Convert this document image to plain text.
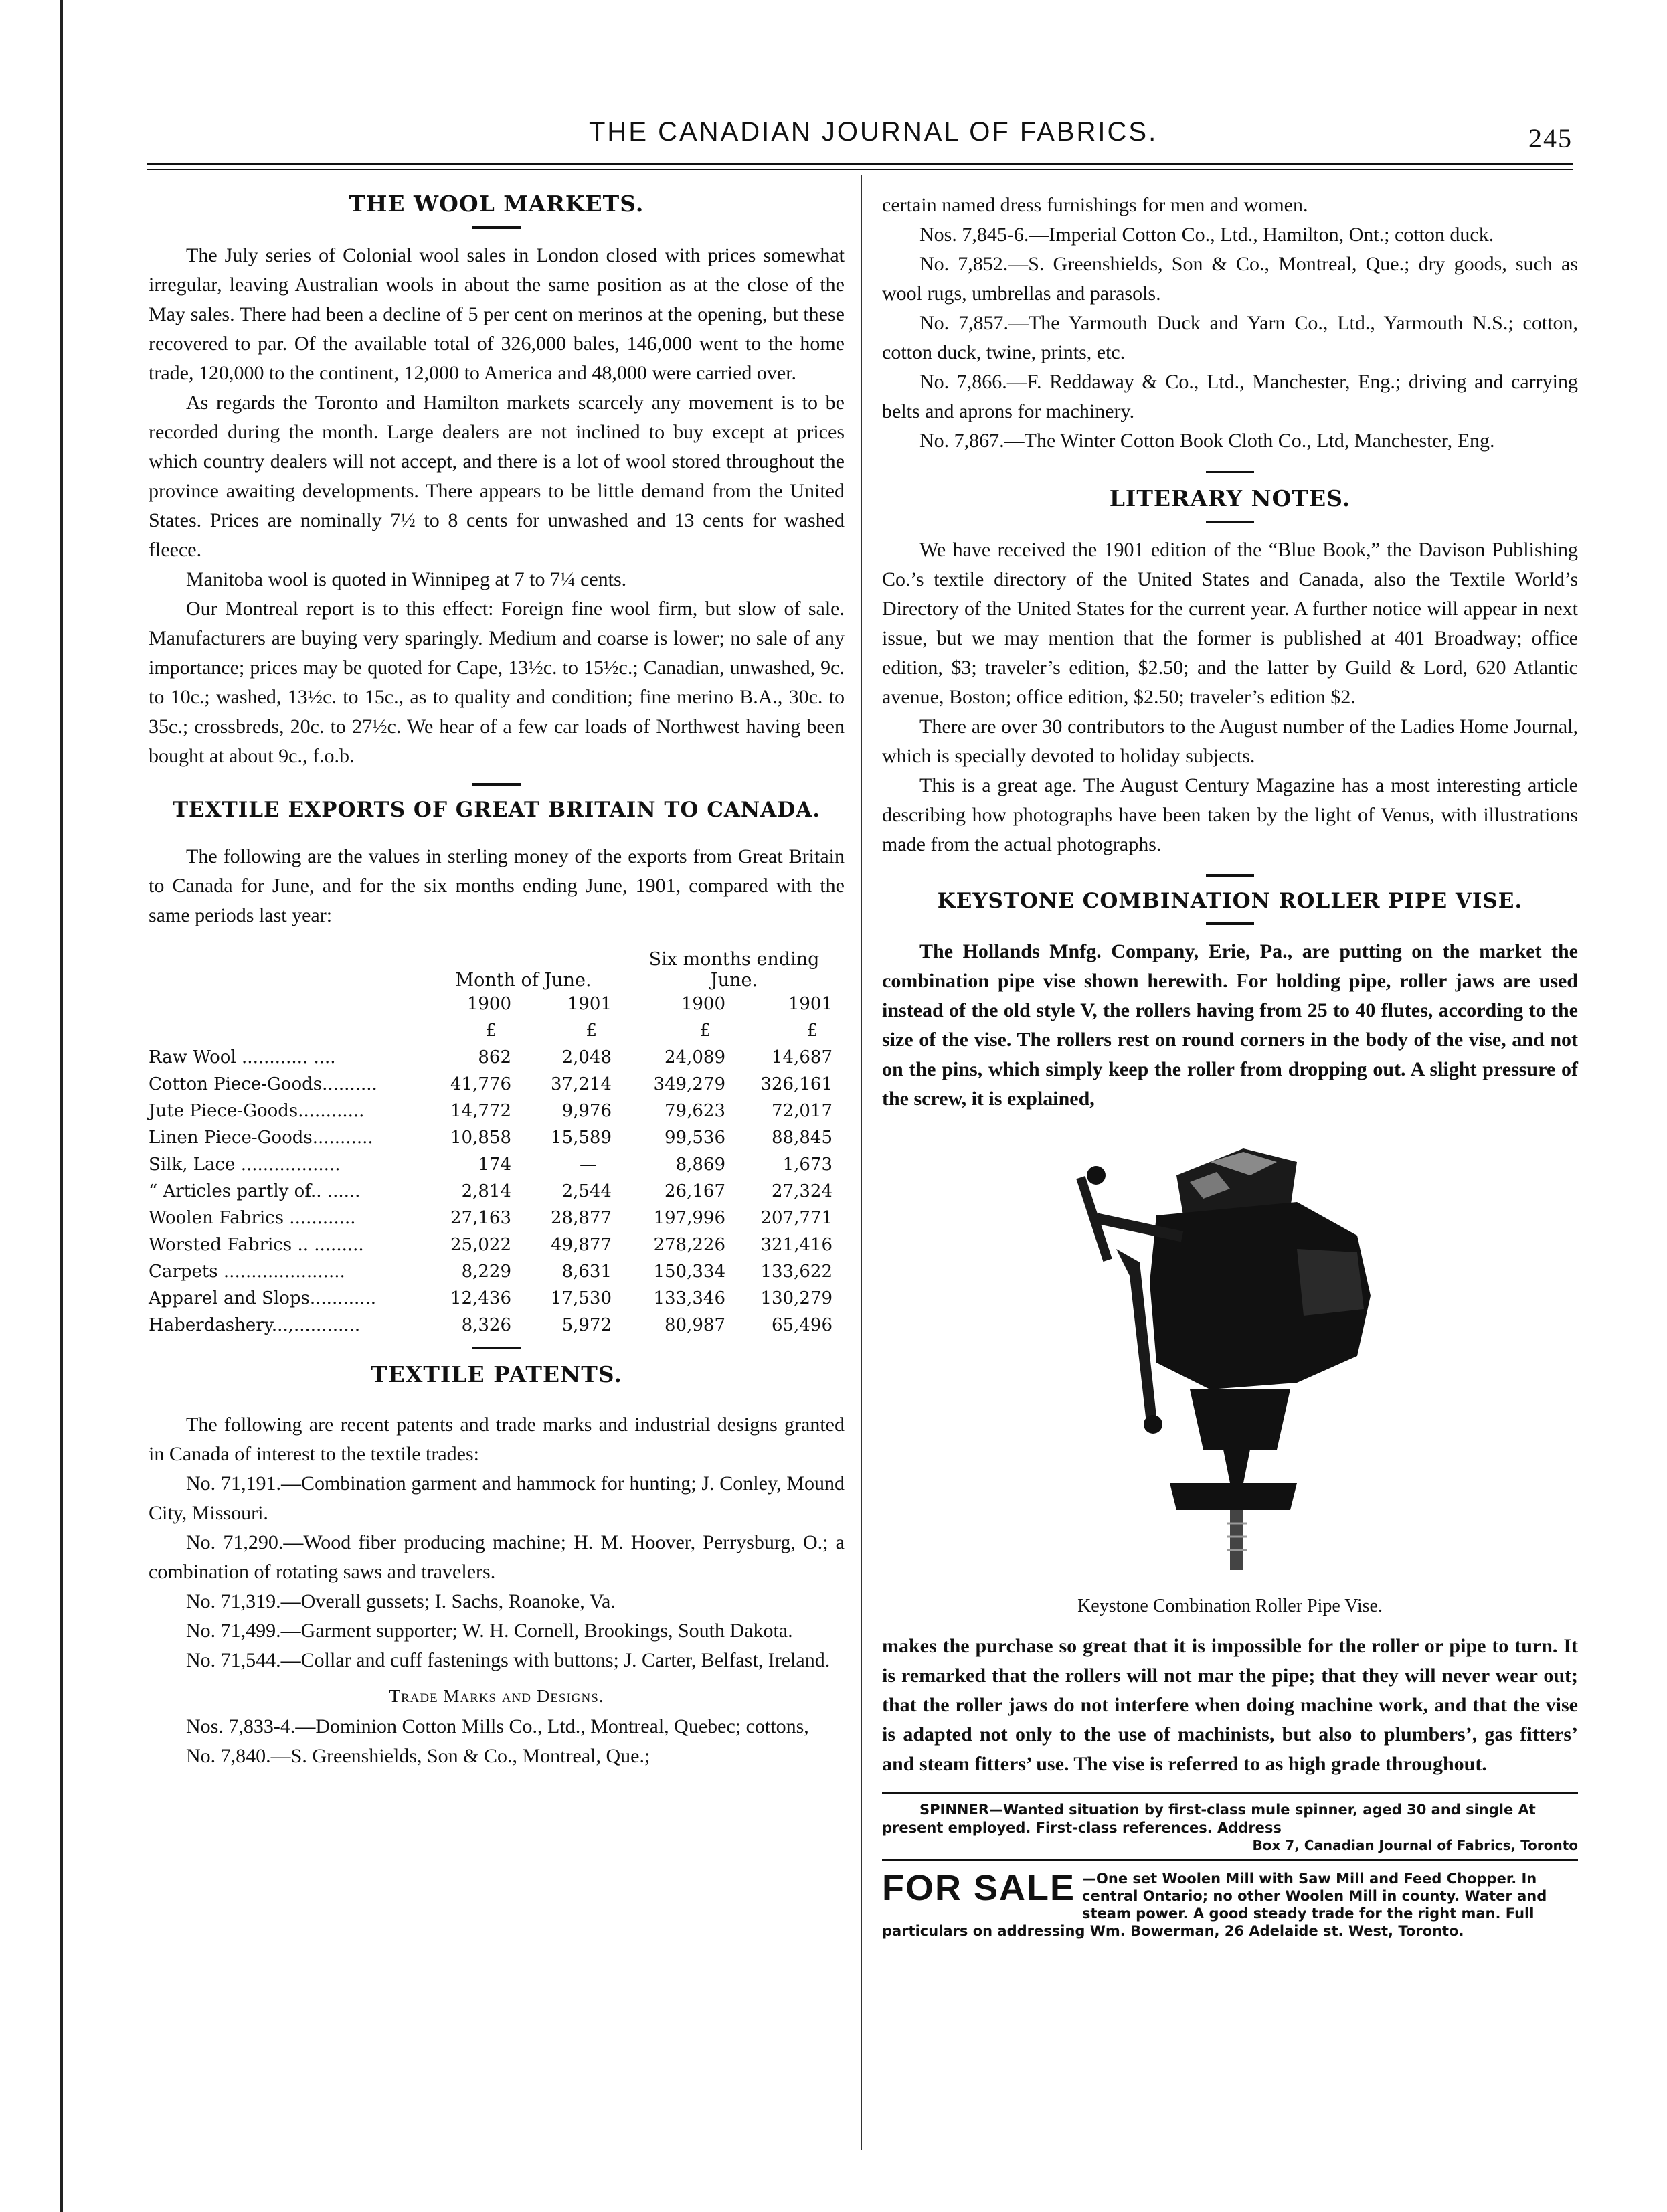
THE CANADIAN JOURNAL OF FABRICS.	245
THE WOOL MARKETS.

The July series of Colonial wool sales in London closed with prices somewhat irregular, leaving Australian wools in about the same position as at the close of the May sales. There had been a decline of 5 per cent on merinos at the opening, but these recovered to par. Of the available total of 326,000 bales, 146,000 went to the home trade, 120,000 to the continent, 12,000 to America and 48,000 were carried over.

As regards the Toronto and Hamilton markets scarcely any movement is to be recorded during the month. Large dealers are not inclined to buy except at prices which country dealers will not accept, and there is a lot of wool stored throughout the province awaiting developments. There appears to be little demand from the United States. Prices are nominally 7½ to 8 cents for unwashed and 13 cents for washed fleece.

Manitoba wool is quoted in Winnipeg at 7 to 7¼ cents.

Our Montreal report is to this effect: Foreign fine wool firm, but slow of sale. Manufacturers are buying very sparingly. Medium and coarse is lower; no sale of any importance; prices may be quoted for Cape, 13½c. to 15½c.; Canadian, unwashed, 9c. to 10c.; washed, 13½c. to 15c., as to quality and condition; fine merino B.A., 30c. to 35c.; crossbreds, 20c. to 27½c. We hear of a few car loads of Northwest having been bought at about 9c., f.o.b.

TEXTILE EXPORTS OF GREAT BRITAIN TO CANADA.

The following are the values in sterling money of the exports from Great Britain to Canada for June, and for the six months ending June, 1901, compared with the same periods last year:

	Month of June.		Six months ending June.	
	1900	1901	1900	1901
	£	£	£	£
Raw Wool ............ ....	862	2,048	24,089	14,687
Cotton Piece-Goods..........	41,776	37,214	349,279	326,161
Jute Piece-Goods............	14,772	9,976	79,623	72,017
Linen Piece-Goods...........	10,858	15,589	99,536	88,845
Silk, Lace ..................	174	—	8,869	1,673
“ Articles partly of.. ......	2,814	2,544	26,167	27,324
Woolen Fabrics ............	27,163	28,877	197,996	207,771
Worsted Fabrics .. .........	25,022	49,877	278,226	321,416
Carpets ......................	8,229	8,631	150,334	133,622
Apparel and Slops............	12,436	17,530	133,346	130,279
Haberdashery...,............	8,326	5,972	80,987	65,496
TEXTILE PATENTS.

The following are recent patents and trade marks and industrial designs granted in Canada of interest to the textile trades:

No. 71,191.—Combination garment and hammock for hunting; J. Conley, Mound City, Missouri.

No. 71,290.—Wood fiber producing machine; H. M. Hoover, Perrysburg, O.; a combination of rotating saws and travelers.

No. 71,319.—Overall gussets; I. Sachs, Roanoke, Va.

No. 71,499.—Garment supporter; W. H. Cornell, Brookings, South Dakota.

No. 71,544.—Collar and cuff fastenings with buttons; J. Carter, Belfast, Ireland.

Trade Marks and Designs.

Nos. 7,833-4.—Dominion Cotton Mills Co., Ltd., Montreal, Quebec; cottons,

No. 7,840.—S. Greenshields, Son & Co., Montreal, Que.;

certain named dress furnishings for men and women.

Nos. 7,845-6.—Imperial Cotton Co., Ltd., Hamilton, Ont.; cotton duck.

No. 7,852.—S. Greenshields, Son & Co., Montreal, Que.; dry goods, such as wool rugs, umbrellas and parasols.

No. 7,857.—The Yarmouth Duck and Yarn Co., Ltd., Yarmouth N.S.; cotton, cotton duck, twine, prints, etc.

No. 7,866.—F. Reddaway & Co., Ltd., Manchester, Eng.; driving and carrying belts and aprons for machinery.

No. 7,867.—The Winter Cotton Book Cloth Co., Ltd, Manchester, Eng.

LITERARY NOTES.

We have received the 1901 edition of the “Blue Book,” the Davison Publishing Co.’s textile directory of the United States and Canada, also the Textile World’s Directory of the United States for the current year. A further notice will appear in next issue, but we may mention that the former is published at 401 Broadway; office edition, $3; traveler’s edition, $2.50; and the latter by Guild & Lord, 620 Atlantic avenue, Boston; office edition, $2.50; traveler’s edition $2.

There are over 30 contributors to the August number of the Ladies Home Journal, which is specially devoted to holiday subjects.

This is a great age. The August Century Magazine has a most interesting article describing how photographs have been taken by the light of Venus, with illustrations made from the actual photographs.

KEYSTONE COMBINATION ROLLER PIPE VISE.

The Hollands Mnfg. Company, Erie, Pa., are putting on the market the combination pipe vise shown herewith. For holding pipe, roller jaws are used instead of the old style V, the rollers having from 25 to 40 flutes, according to the size of the vise. The rollers rest on round corners in the body of the vise, and not on the pins, which simply keep the roller from dropping out. A slight pressure of the screw, it is explained,

Keystone Combination Roller Pipe Vise.

makes the purchase so great that it is impossible for the roller or pipe to turn. It is remarked that the rollers will not mar the pipe; that they will never wear out; that the roller jaws do not interfere when doing machine work, and that the vise is adapted not only to the use of machinists, but also to plumbers’, gas fitters’ and steam fitters’ use. The vise is referred to as high grade throughout.

SPINNER—Wanted situation by first-class mule spinner, aged 30 and single At present employed. First-class references. Address
Box 7, Canadian Journal of Fabrics, Toronto
FOR SALE —One set Woolen Mill with Saw Mill and Feed Chopper. In central Ontario; no other Woolen Mill in county. Water and steam power. A good steady trade for the right man. Full particulars on addressing Wm. Bowerman, 26 Adelaide st. West, Toronto.
